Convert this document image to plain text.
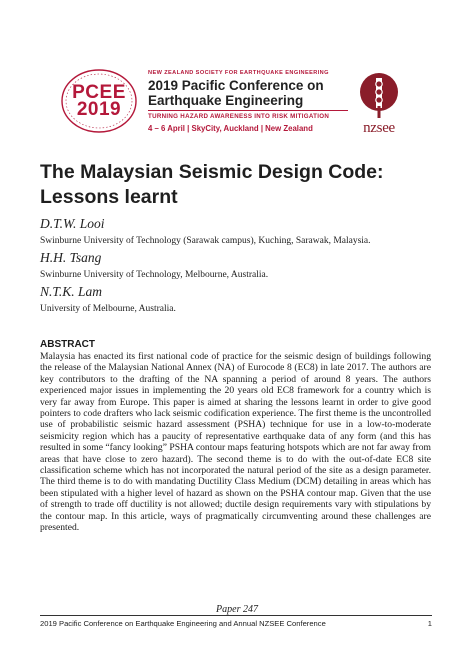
PCEE
2019
NEW ZEALAND SOCIETY FOR EARTHQUAKE ENGINEERING
2019 Pacific Conference on
Earthquake Engineering
TURNING HAZARD AWARENESS INTO RISK MITIGATION
4 – 6 April | SkyCity, Auckland | New Zealand	nzsee
The Malaysian Seismic Design Code: Lessons learnt
D.T.W. Looi
Swinburne University of Technology (Sarawak campus), Kuching, Sarawak, Malaysia.
H.H. Tsang
Swinburne University of Technology, Melbourne, Australia.
N.T.K. Lam
University of Melbourne, Australia.
ABSTRACT
Malaysia has enacted its first national code of practice for the seismic design of buildings following the release of the Malaysian National Annex (NA) of Eurocode 8 (EC8) in late 2017. The authors are key contributors to the drafting of the NA spanning a period of around 8 years. The authors experienced major issues in implementing the 20 years old EC8 framework for a country which is very far away from Europe. This paper is aimed at sharing the lessons learnt in order to give good pointers to code drafters who lack seismic codification experience. The first theme is the uncontrolled use of probabilistic seismic hazard assessment (PSHA) technique for use in a low-to-moderate seismicity region which has a paucity of representative earthquake data of any form (and this has resulted in some “fancy looking” PSHA contour maps featuring hotspots which are not far away from areas that have close to zero hazard). The second theme is to do with the out-of-date EC8 site classification scheme which has not incorporated the natural period of the site as a design parameter. The third theme is to do with mandating Ductility Class Medium (DCM) detailing in areas which has been stipulated with a higher level of hazard as shown on the PSHA contour map. Given that the use of strength to trade off ductility is not allowed; ductile design requirements vary with stipulations by the contour map. In this article, ways of pragmatically circumventing around these challenges are presented.
Paper 247
2019 Pacific Conference on Earthquake Engineering and Annual NZSEE Conference	1
